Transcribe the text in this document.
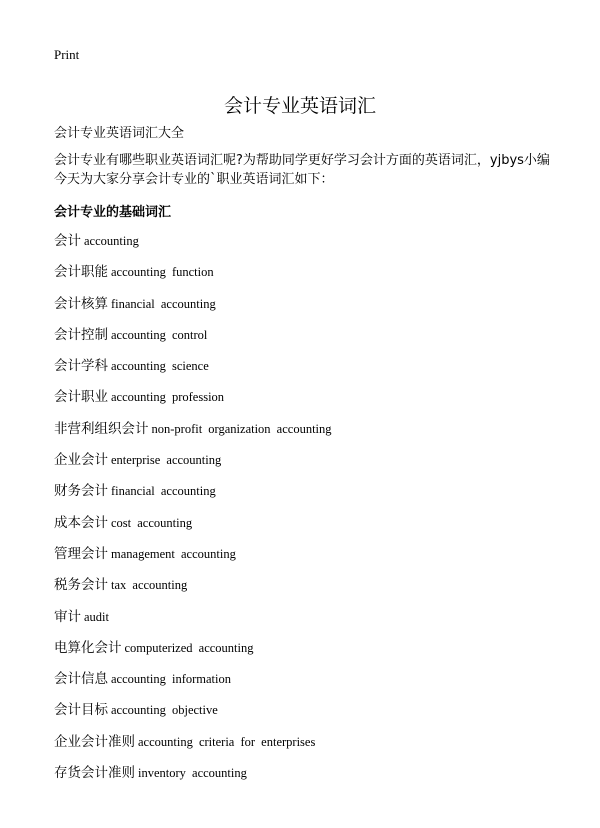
Print
会计专业英语词汇
会计专业英语词汇大全
会计专业有哪些职业英语词汇呢?为帮助同学更好学习会计方面的英语词汇，yjbys小编今天为大家分享会计专业的`职业英语词汇如下：
会计专业的基础词汇
会计 accounting
会计职能 accounting function
会计核算 financial accounting
会计控制 accounting control
会计学科 accounting science
会计职业 accounting profession
非营利组织会计 non-profit organization accounting
企业会计 enterprise accounting
财务会计 financial accounting
成本会计 cost accounting
管理会计 management accounting
税务会计 tax accounting
审计 audit
电算化会计 computerized accounting
会计信息 accounting information
会计目标 accounting objective
企业会计准则 accounting criteria for enterprises
存货会计准则 inventory accounting
